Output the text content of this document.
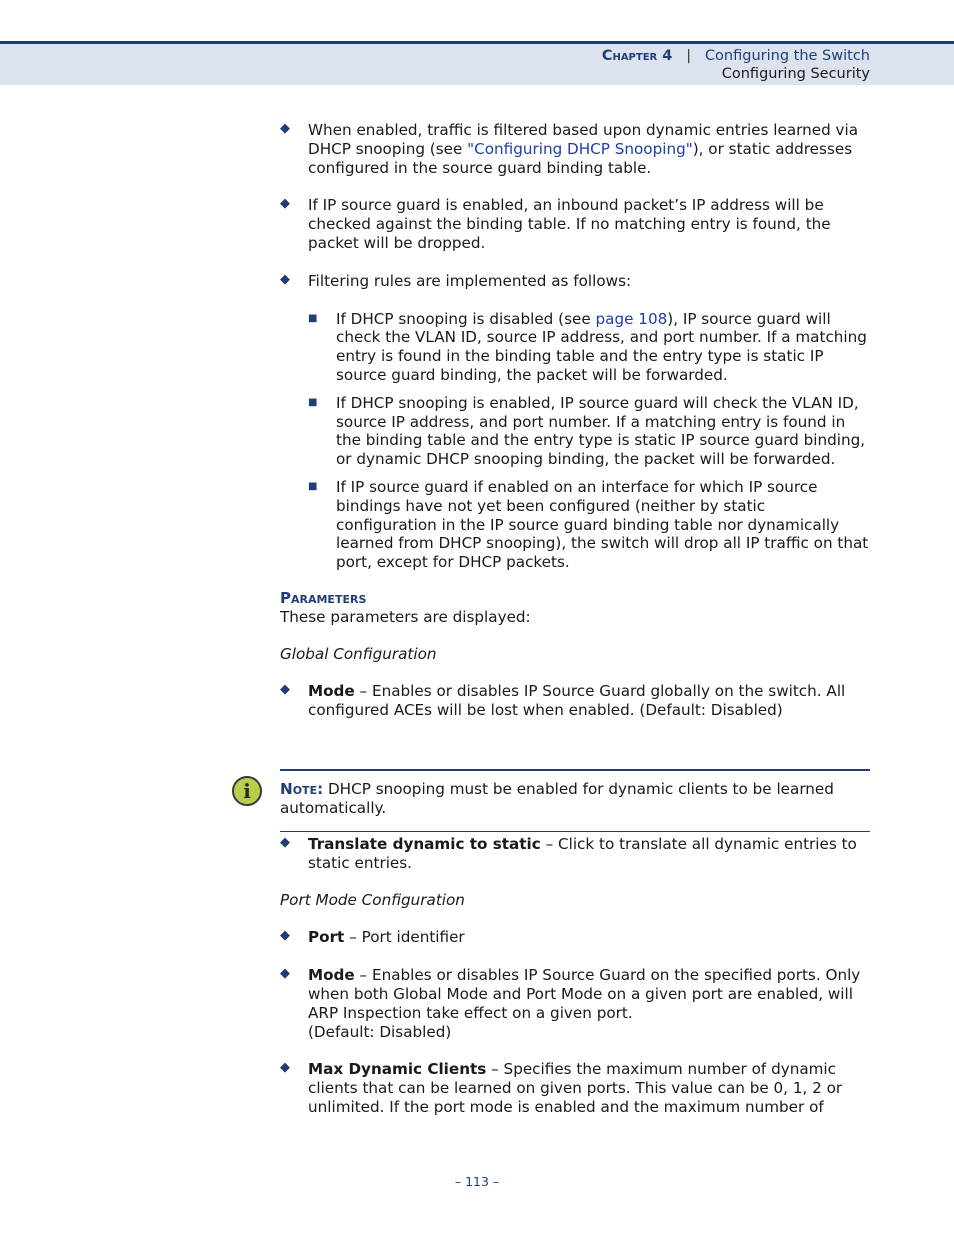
Chapter 4 | Configuring the Switch
Configuring Security
◆ When enabled, traffic is filtered based upon dynamic entries learned via DHCP snooping (see "Configuring DHCP Snooping"), or static addresses configured in the source guard binding table.
◆ If IP source guard is enabled, an inbound packet’s IP address will be checked against the binding table. If no matching entry is found, the packet will be dropped.
◆ Filtering rules are implemented as follows:
■ If DHCP snooping is disabled (see page 108), IP source guard will check the VLAN ID, source IP address, and port number. If a matching entry is found in the binding table and the entry type is static IP source guard binding, the packet will be forwarded.
■ If DHCP snooping is enabled, IP source guard will check the VLAN ID, source IP address, and port number. If a matching entry is found in the binding table and the entry type is static IP source guard binding, or dynamic DHCP snooping binding, the packet will be forwarded.
■ If IP source guard if enabled on an interface for which IP source bindings have not yet been configured (neither by static configuration in the IP source guard binding table nor dynamically learned from DHCP snooping), the switch will drop all IP traffic on that port, except for DHCP packets.
Parameters
These parameters are displayed:
Global Configuration
◆ Mode – Enables or disables IP Source Guard globally on the switch. All configured ACEs will be lost when enabled. (Default: Disabled)
◆ Translate dynamic to static – Click to translate all dynamic entries to static entries.
Port Mode Configuration
◆ Port – Port identifier
◆ Mode – Enables or disables IP Source Guard on the specified ports. Only when both Global Mode and Port Mode on a given port are enabled, will ARP Inspection take effect on a given port.
(Default: Disabled)
◆ Max Dynamic Clients – Specifies the maximum number of dynamic clients that can be learned on given ports. This value can be 0, 1, 2 or unlimited. If the port mode is enabled and the maximum number of
i	Note: DHCP snooping must be enabled for dynamic clients to be learned automatically.
– 113 –
